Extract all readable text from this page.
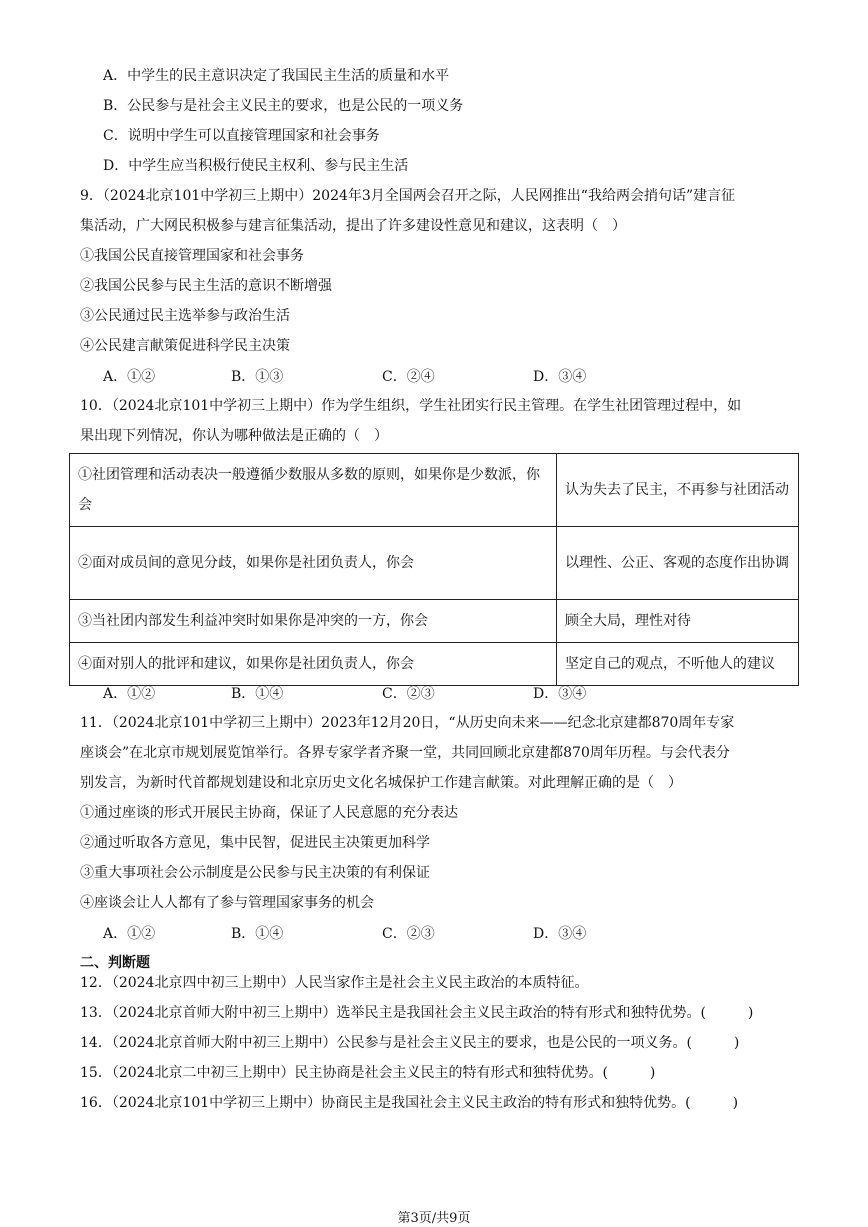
A．中学生的民主意识决定了我国民主生活的质量和水平
B．公民参与是社会主义民主的要求，也是公民的一项义务
C．说明中学生可以直接管理国家和社会事务
D．中学生应当积极行使民主权利、参与民主生活
9．（2024北京101中学初三上期中）2024年3月全国两会召开之际，人民网推出“我给两会捎句话”建言征
集活动，广大网民积极参与建言征集活动，提出了许多建设性意见和建议，这表明（　）
①我国公民直接管理国家和社会事务
②我国公民参与民主生活的意识不断增强
③公民通过民主选举参与政治生活
④公民建言献策促进科学民主决策
A．①②	B．①③	C．②④	D．③④
10．（2024北京101中学初三上期中）作为学生组织，学生社团实行民主管理。在学生社团管理过程中，如
果出现下列情况，你认为哪种做法是正确的（　）
①社团管理和活动表决一般遵循少数服从多数的原则，如果你是少数派，你会	认为失去了民主，不再参与社团活动
②面对成员间的意见分歧，如果你是社团负责人，你会	以理性、公正、客观的态度作出协调
③当社团内部发生利益冲突时如果你是冲突的一方，你会	顾全大局，理性对待
④面对别人的批评和建议，如果你是社团负责人，你会	坚定自己的观点，不听他人的建议
A．①②	B．①④	C．②③	D．③④
11．（2024北京101中学初三上期中）2023年12月20日，“从历史向未来——纪念北京建都870周年专家
座谈会”在北京市规划展览馆举行。各界专家学者齐聚一堂，共同回顾北京建都870周年历程。与会代表分
别发言，为新时代首都规划建设和北京历史文化名城保护工作建言献策。对此理解正确的是（　）
①通过座谈的形式开展民主协商，保证了人民意愿的充分表达
②通过听取各方意见，集中民智，促进民主决策更加科学
③重大事项社会公示制度是公民参与民主决策的有利保证
④座谈会让人人都有了参与管理国家事务的机会
A．①②	B．①④	C．②③	D．③④
二、判断题
12．（2024北京四中初三上期中）人民当家作主是社会主义民主政治的本质特征。
13．（2024北京首师大附中初三上期中）选举民主是我国社会主义民主政治的特有形式和独特优势。(　　　)
14．（2024北京首师大附中初三上期中）公民参与是社会主义民主的要求，也是公民的一项义务。(　　　)
15．（2024北京二中初三上期中）民主协商是社会主义民主的特有形式和独特优势。(　　　)
16．（2024北京101中学初三上期中）协商民主是我国社会主义民主政治的特有形式和独特优势。(　　　)
第3页/共9页
